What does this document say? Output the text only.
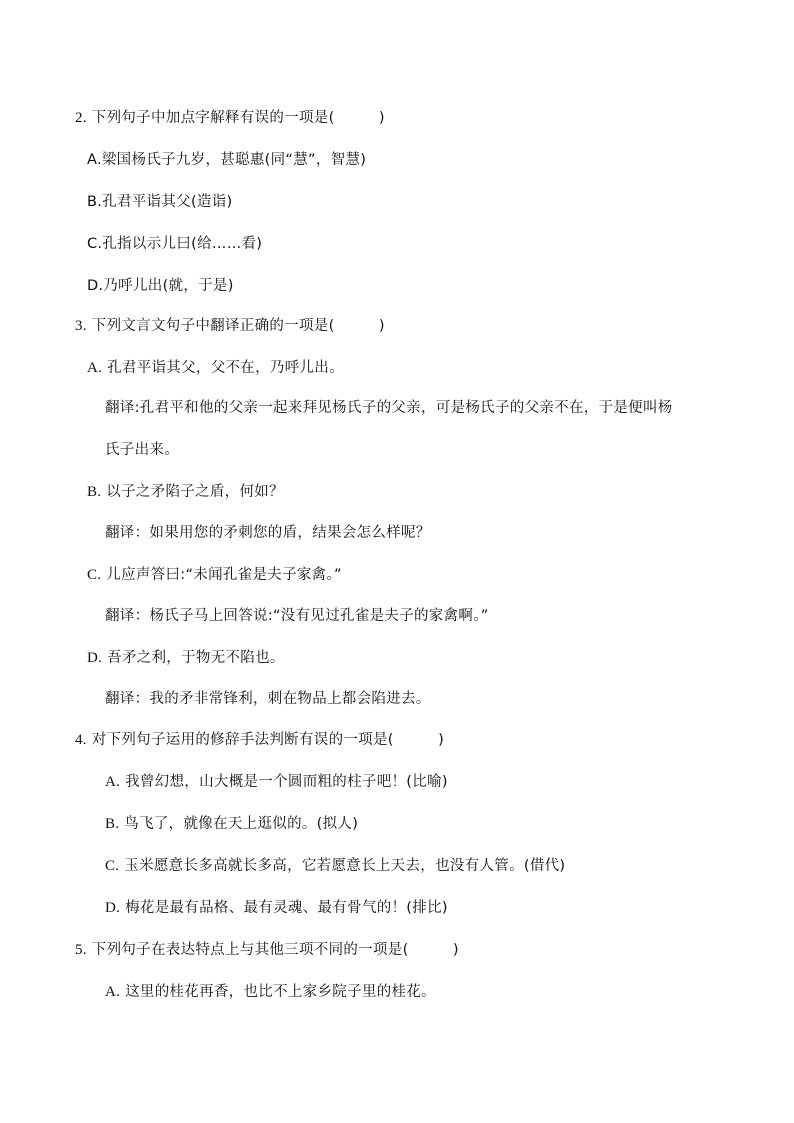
2. 下列句子中加点字解释有误的一项是(　　　)
A.梁国杨氏子九岁，甚聪惠(同“慧”，智慧)
B.孔君平诣其父(造诣)
C.孔指以示儿曰(给……看)
D.乃呼儿出(就，于是)
3. 下列文言文句子中翻译正确的一项是(　　　)
A. 孔君平诣其父，父不在，乃呼儿出。
翻译:孔君平和他的父亲一起来拜见杨氏子的父亲，可是杨氏子的父亲不在，于是便叫杨
氏子出来。
B. 以子之矛陷子之盾，何如？
翻译：如果用您的矛刺您的盾，结果会怎么样呢？
C. 儿应声答曰:“未闻孔雀是夫子家禽。”
翻译：杨氏子马上回答说:“没有见过孔雀是夫子的家禽啊。”
D. 吾矛之利，于物无不陷也。
翻译：我的矛非常锋利，刺在物品上都会陷进去。
4. 对下列句子运用的修辞手法判断有误的一项是(　　　)
A. 我曾幻想，山大概是一个圆而粗的柱子吧！(比喻)
B. 鸟飞了，就像在天上逛似的。(拟人)
C. 玉米愿意长多高就长多高，它若愿意长上天去，也没有人管。(借代)
D. 梅花是最有品格、最有灵魂、最有骨气的！(排比)
5. 下列句子在表达特点上与其他三项不同的一项是(　　　)
A. 这里的桂花再香，也比不上家乡院子里的桂花。
